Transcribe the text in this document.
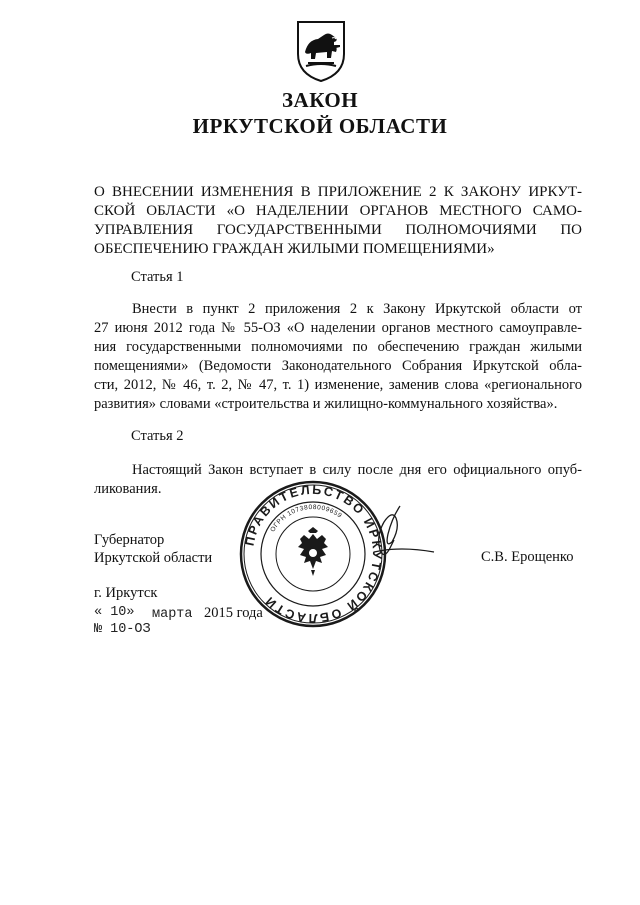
ЗАКОН
ИРКУТСКОЙ ОБЛАСТИ
О ВНЕСЕНИИ ИЗМЕНЕНИЯ В ПРИЛОЖЕНИЕ 2 К ЗАКОНУ ИРКУТ-
СКОЙ ОБЛАСТИ «О НАДЕЛЕНИИ ОРГАНОВ МЕСТНОГО САМО-
УПРАВЛЕНИЯ ГОСУДАРСТВЕННЫМИ ПОЛНОМОЧИЯМИ ПО
ОБЕСПЕЧЕНИЮ ГРАЖДАН ЖИЛЫМИ ПОМЕЩЕНИЯМИ»
Статья 1
Внести в пункт 2 приложения 2 к Закону Иркутской области от
27 июня 2012 года № 55-ОЗ «О наделении органов местного самоуправле-
ния государственными полномочиями по обеспечению граждан жилыми
помещениями» (Ведомости Законодательного Собрания Иркутской обла-
сти, 2012, № 46, т. 2, № 47, т. 1) изменение, заменив слова «регионального
развития» словами «строительства и жилищно-коммунального хозяйства».
Статья 2
Настоящий Закон вступает в силу после дня его официального опуб-
ликования.
Губернатор
Иркутской области	С.В. Ерощенко
ПРАВИТЕЛЬСТВО ИРКУТСКОЙ ОБЛАСТИ
ОГРН 1073808009659
г. Иркутск
« 10» марта 2015 года
№ 10-ОЗ
